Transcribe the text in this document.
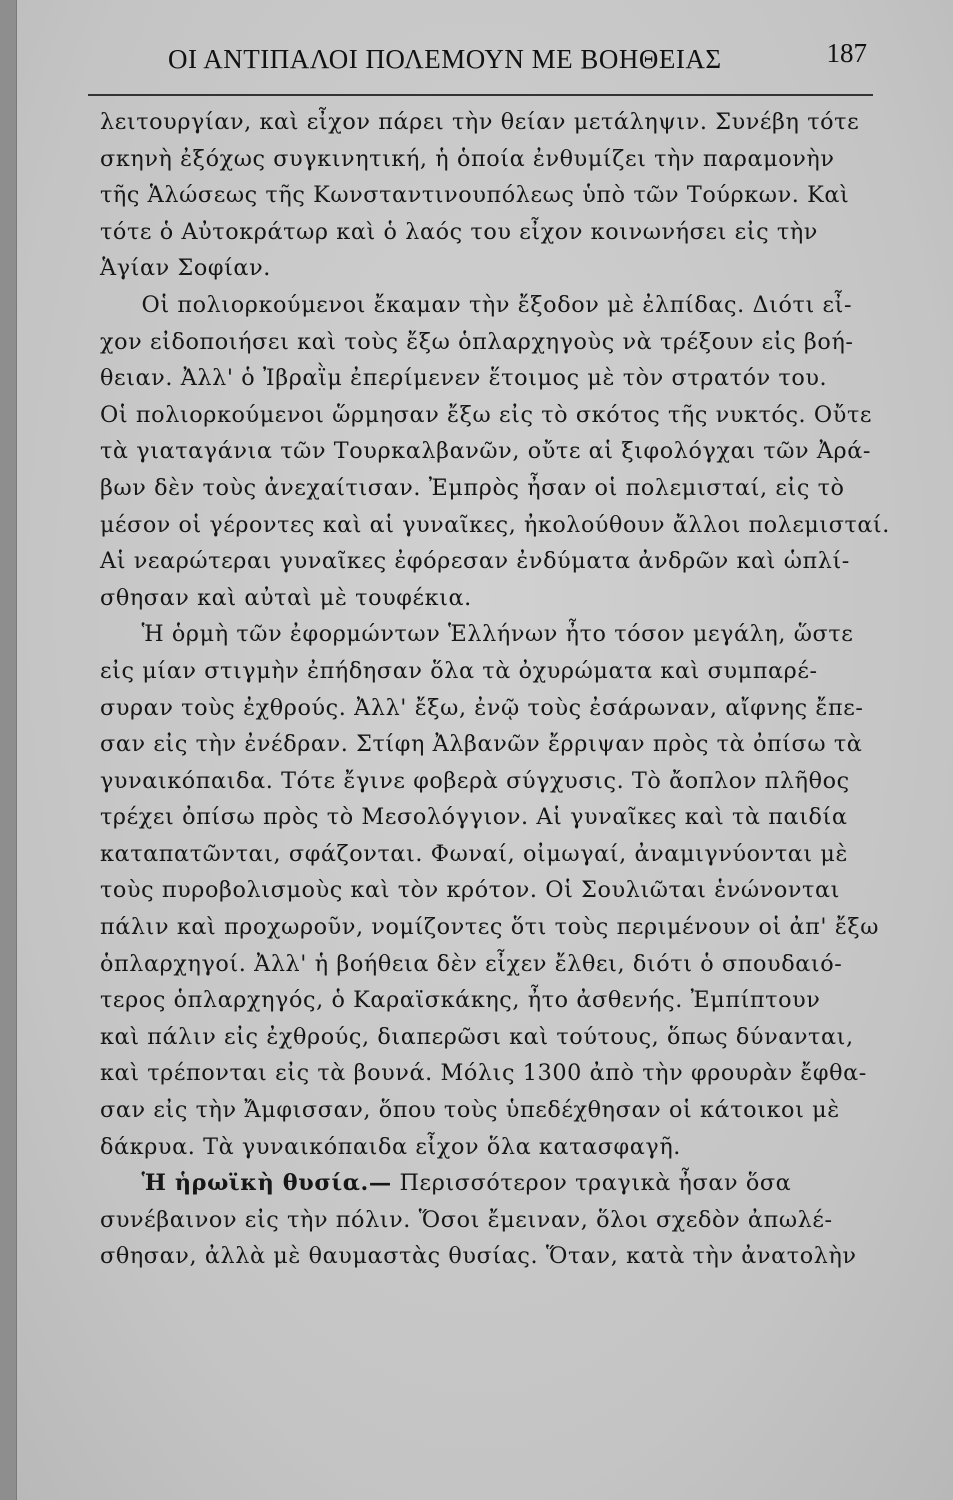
ΟΙ ΑΝΤΙΠΑΛΟΙ ΠΟΛΕΜΟΥΝ ΜΕ ΒΟΗΘΕΙΑΣ	187
λειτουργίαν, καὶ εἶχον πάρει τὴν θείαν μετάληψιν. Συνέβη τότε
σκηνὴ ἐξόχως συγκινητική, ἡ ὁποία ἐνθυμίζει τὴν παραμονὴν
τῆς Ἁλώσεως τῆς Κωνσταντινουπόλεως ὑπὸ τῶν Τούρκων. Καὶ
τότε ὁ Αὐτοκράτωρ καὶ ὁ λαός του εἶχον κοινωνήσει εἰς τὴν
Ἁγίαν Σοφίαν.
Οἱ πολιορκούμενοι ἔκαμαν τὴν ἔξοδον μὲ ἐλπίδας. Διότι εἶ-
χον εἰδοποιήσει καὶ τοὺς ἔξω ὁπλαρχηγοὺς νὰ τρέξουν εἰς βοή-
θειαν. Ἀλλ' ὁ Ἰβραῒμ ἐπερίμενεν ἕτοιμος μὲ τὸν στρατόν του.
Οἱ πολιορκούμενοι ὥρμησαν ἔξω εἰς τὸ σκότος τῆς νυκτός. Οὔτε
τὰ γιαταγάνια τῶν Τουρκαλβανῶν, οὔτε αἱ ξιφολόγχαι τῶν Ἀρά-
βων δὲν τοὺς ἀνεχαίτισαν. Ἐμπρὸς ἦσαν οἱ πολεμισταί, εἰς τὸ
μέσον οἱ γέροντες καὶ αἱ γυναῖκες, ἠκολούθουν ἄλλοι πολεμισταί.
Αἱ νεαρώτεραι γυναῖκες ἐφόρεσαν ἐνδύματα ἀνδρῶν καὶ ὡπλί-
σθησαν καὶ αὐταὶ μὲ τουφέκια.
Ἡ ὁρμὴ τῶν ἐφορμώντων Ἑλλήνων ἦτο τόσον μεγάλη, ὥστε
εἰς μίαν στιγμὴν ἐπήδησαν ὅλα τὰ ὀχυρώματα καὶ συμπαρέ-
συραν τοὺς ἐχθρούς. Ἀλλ' ἔξω, ἐνῷ τοὺς ἐσάρωναν, αἴφνης ἔπε-
σαν εἰς τὴν ἐνέδραν. Στίφη Ἀλβανῶν ἔρριψαν πρὸς τὰ ὀπίσω τὰ
γυναικόπαιδα. Τότε ἔγινε φοβερὰ σύγχυσις. Τὸ ἄοπλον πλῆθος
τρέχει ὀπίσω πρὸς τὸ Μεσολόγγιον. Αἱ γυναῖκες καὶ τὰ παιδία
καταπατῶνται, σφάζονται. Φωναί, οἰμωγαί, ἀναμιγνύονται μὲ
τοὺς πυροβολισμοὺς καὶ τὸν κρότον. Οἱ Σουλιῶται ἑνώνονται
πάλιν καὶ προχωροῦν, νομίζοντες ὅτι τοὺς περιμένουν οἱ ἀπ' ἔξω
ὁπλαρχηγοί. Ἀλλ' ἡ βοήθεια δὲν εἶχεν ἔλθει, διότι ὁ σπουδαιό-
τερος ὁπλαρχηγός, ὁ Καραϊσκάκης, ἦτο ἀσθενής. Ἐμπίπτουν
καὶ πάλιν εἰς ἐχθρούς, διαπερῶσι καὶ τούτους, ὅπως δύνανται,
καὶ τρέπονται εἰς τὰ βουνά. Μόλις 1300 ἀπὸ τὴν φρουρὰν ἔφθα-
σαν εἰς τὴν Ἄμφισσαν, ὅπου τοὺς ὑπεδέχθησαν οἱ κάτοικοι μὲ
δάκρυα. Τὰ γυναικόπαιδα εἶχον ὅλα κατασφαγῆ.
Ἡ ἡρωϊκὴ θυσία.— Περισσότερον τραγικὰ ἦσαν ὅσα
συνέβαινον εἰς τὴν πόλιν. Ὅσοι ἔμειναν, ὅλοι σχεδὸν ἀπωλέ-
σθησαν, ἀλλὰ μὲ θαυμαστὰς θυσίας. Ὅταν, κατὰ τὴν ἀνατολὴν
